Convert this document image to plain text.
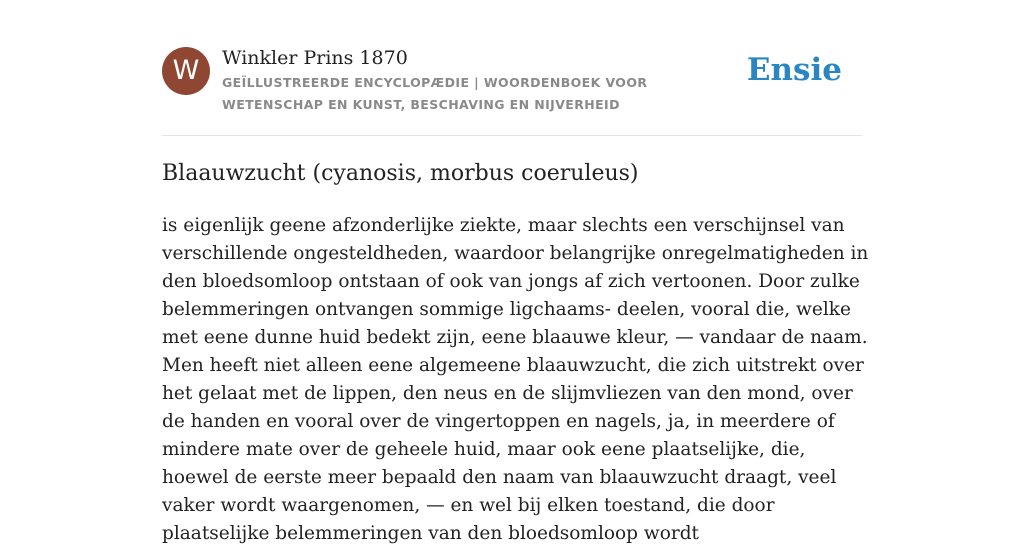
W	Winkler Prins 1870
GEÏLLUSTREERDE ENCYCLOPÆDIE | WOORDENBOEK VOOR WETENSCHAP EN KUNST, BESCHAVING EN NIJVERHEID
Ensie
Blaauwzucht (cyanosis, morbus coeruleus)

is eigenlijk geene afzonderlijke ziekte, maar slechts een verschijnsel van verschillende ongesteldheden, waardoor belangrijke onregelmatigheden in den bloedsomloop ontstaan of ook van jongs af zich vertoonen. Door zulke belemmeringen ontvangen sommige ligchaams- deelen, vooral die, welke met eene dunne huid bedekt zijn, eene blaauwe kleur, — vandaar de naam. Men heeft niet alleen eene algemeene blaauwzucht, die zich uitstrekt over het gelaat met de lippen, den neus en de slijmvliezen van den mond, over de handen en vooral over de vingertoppen en nagels, ja, in meerdere of mindere mate over de geheele huid, maar ook eene plaatselijke, die, hoewel de eerste meer bepaald den naam van blaauwzucht draagt, veel vaker wordt waargenomen, — en wel bij elken toestand, die door plaatselijke belemmeringen van den bloedsomloop wordt
